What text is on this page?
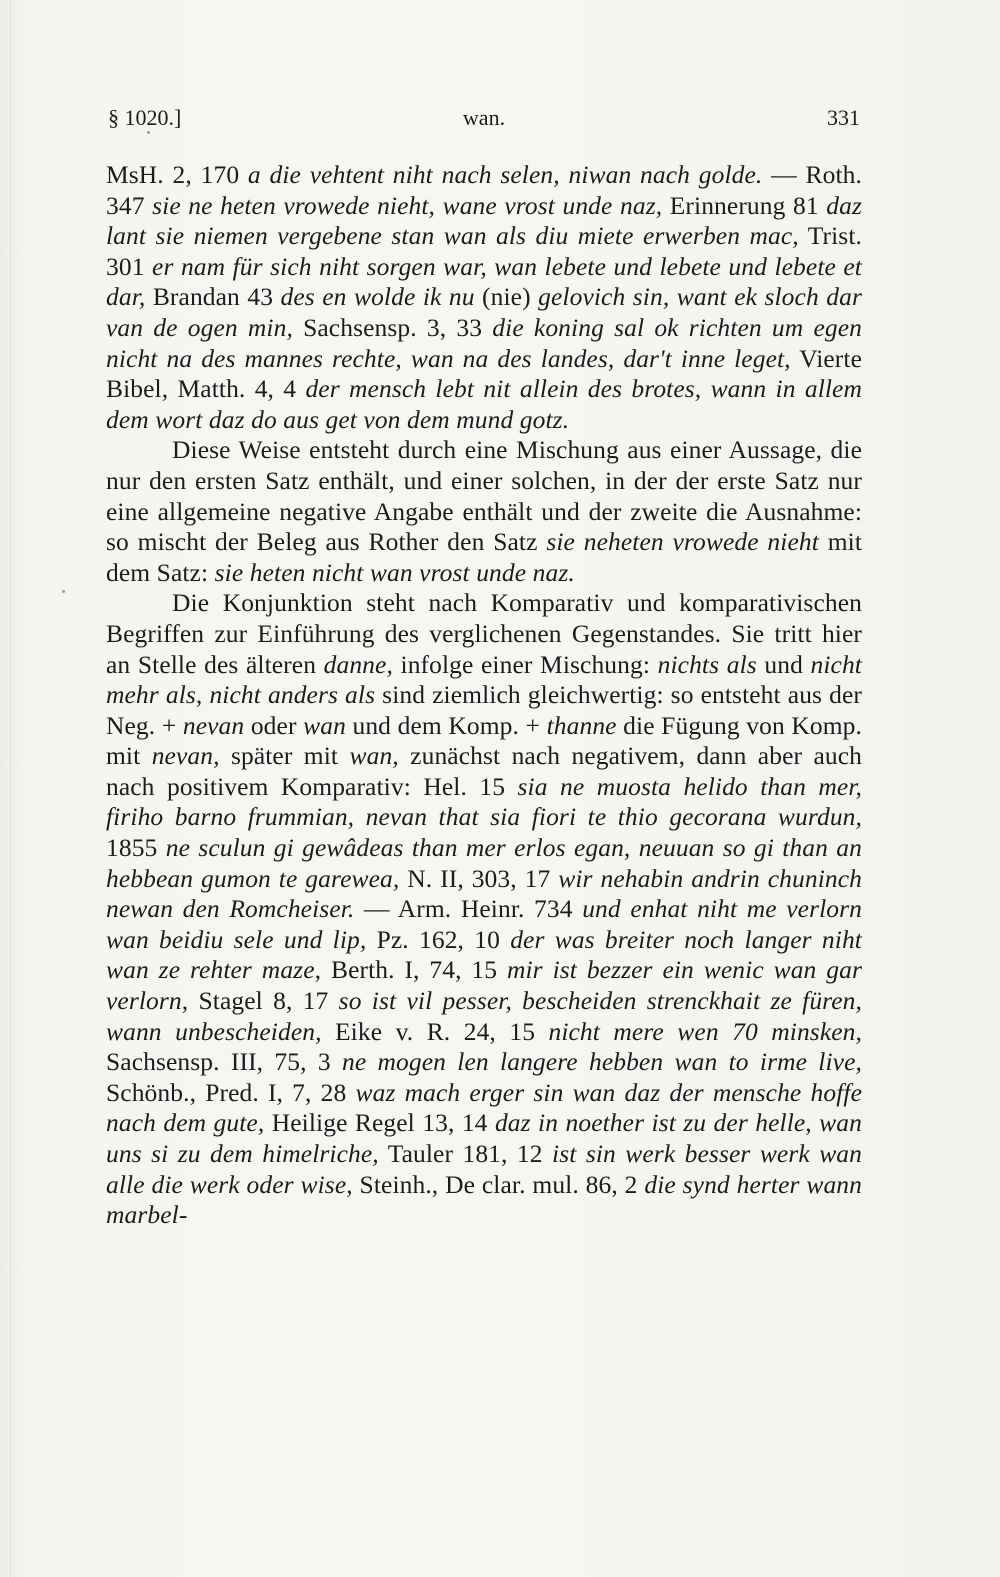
§ 1020.]	wan.	331

MsH. 2, 170 a die vehtent niht nach selen, niwan nach golde. — Roth. 347 sie ne heten vrowede nieht, wane vrost unde naz, Erinnerung 81 daz lant sie niemen vergebene stan wan als diu miete erwerben mac, Trist. 301 er nam für sich niht sorgen war, wan lebete und lebete und lebete et dar, Brandan 43 des en wolde ik nu (nie) gelovich sin, want ek sloch dar van de ogen min, Sachsensp. 3, 33 die koning sal ok richten um egen nicht na des mannes rechte, wan na des landes, dar't inne leget, Vierte Bibel, Matth. 4, 4 der mensch lebt nit allein des brotes, wann in allem dem wort daz do aus get von dem mund gotz.

Diese Weise entsteht durch eine Mischung aus einer Aussage, die nur den ersten Satz enthält, und einer solchen, in der der erste Satz nur eine allgemeine negative Angabe enthält und der zweite die Ausnahme: so mischt der Beleg aus Rother den Satz sie neheten vrowede nieht mit dem Satz: sie heten nicht wan vrost unde naz.

Die Konjunktion steht nach Komparativ und komparativischen Begriffen zur Einführung des verglichenen Gegenstandes. Sie tritt hier an Stelle des älteren danne, infolge einer Mischung: nichts als und nicht mehr als, nicht anders als sind ziemlich gleichwertig: so entsteht aus der Neg. + nevan oder wan und dem Komp. + thanne die Fügung von Komp. mit nevan, später mit wan, zunächst nach negativem, dann aber auch nach positivem Komparativ: Hel. 15 sia ne muosta helido than mer, firiho barno frummian, nevan that sia fiori te thio gecorana wurdun, 1855 ne sculun gi gewâdeas than mer erlos egan, neuuan so gi than an hebbean gumon te garewea, N. II, 303, 17 wir nehabin andrin chuninch newan den Romcheiser. — Arm. Heinr. 734 und enhat niht me verlorn wan beidiu sele und lip, Pz. 162, 10 der was breiter noch langer niht wan ze rehter maze, Berth. I, 74, 15 mir ist bezzer ein wenic wan gar verlorn, Stagel 8, 17 so ist vil pesser, bescheiden strenckhait ze füren, wann unbescheiden, Eike v. R. 24, 15 nicht mere wen 70 minsken, Sachsensp. III, 75, 3 ne mogen len langere hebben wan to irme live, Schönb., Pred. I, 7, 28 waz mach erger sin wan daz der mensche hoffe nach dem gute, Heilige Regel 13, 14 daz in noether ist zu der helle, wan uns si zu dem himelriche, Tauler 181, 12 ist sin werk besser werk wan alle die werk oder wise, Steinh., De clar. mul. 86, 2 die synd herter wann marbel-
